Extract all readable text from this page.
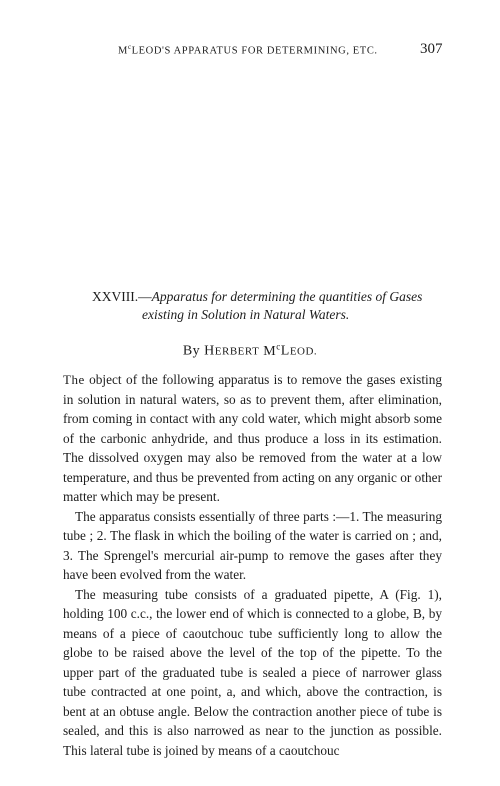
$M^cLEOD'S$ APPARATUS FOR DETERMINING, ETC.	307
XXVIII.—Apparatus for determining the quantities of Gases
existing in Solution in Natural Waters.
By HERBERT $M^cLEOD$.

The object of the following apparatus is to remove the gases existing in solution in natural waters, so as to prevent them, after elimination, from coming in contact with any cold water, which might absorb some of the carbonic anhydride, and thus produce a loss in its estimation. The dissolved oxygen may also be removed from the water at a low temperature, and thus be prevented from acting on any organic or other matter which may be present.

The apparatus consists essentially of three parts :—1. The measuring tube ; 2. The flask in which the boiling of the water is carried on ; and, 3. The Sprengel's mercurial air-pump to remove the gases after they have been evolved from the water.

The measuring tube consists of a graduated pipette, A (Fig. 1), holding 100 c.c., the lower end of which is connected to a globe, B, by means of a piece of caoutchouc tube sufficiently long to allow the globe to be raised above the level of the top of the pipette. To the upper part of the graduated tube is sealed a piece of narrower glass tube contracted at one point, a, and which, above the contraction, is bent at an obtuse angle. Below the contraction another piece of tube is sealed, and this is also narrowed as near to the junction as possible. This lateral tube is joined by means of a caoutchouc
